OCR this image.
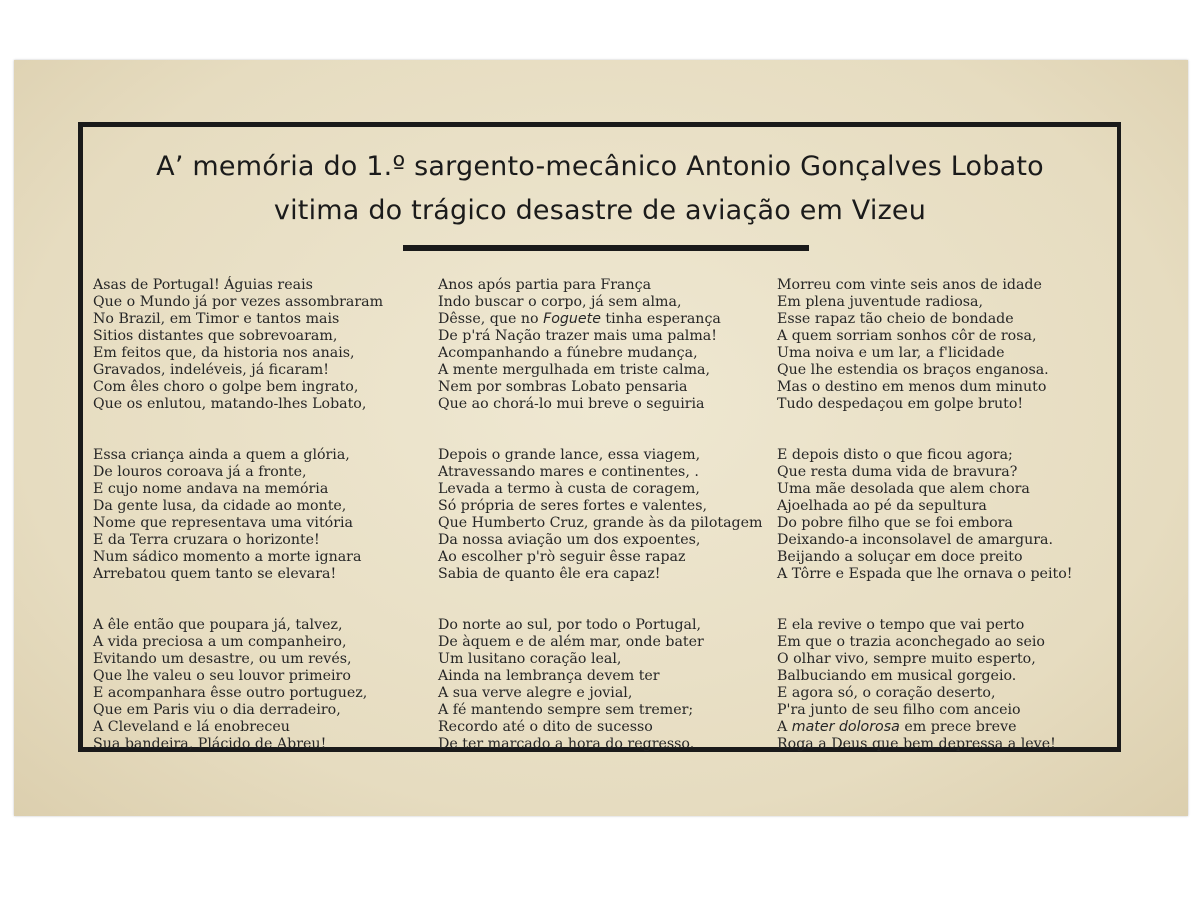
A’ memória do 1.º sargento-mecânico Antonio Gonçalves Lobato
vitima do trágico desastre de aviação em Vizeu
Asas de Portugal! Águias reais
Que o Mundo já por vezes assombraram
No Brazil, em Timor e tantos mais
Sitios distantes que sobrevoaram,
Em feitos que, da historia nos anais,
Gravados, indeléveis, já ficaram!
Com êles choro o golpe bem ingrato,
Que os enlutou, matando-lhes Lobato,
Essa criança ainda a quem a glória,
De louros coroava já a fronte,
E cujo nome andava na memória
Da gente lusa, da cidade ao monte,
Nome que representava uma vitória
E da Terra cruzara o horizonte!
Num sádico momento a morte ignara
Arrebatou quem tanto se elevara!
A êle então que poupara já, talvez,
A vida preciosa a um companheiro,
Evitando um desastre, ou um revés,
Que lhe valeu o seu louvor primeiro
E acompanhara êsse outro portuguez,
Que em Paris viu o dia derradeiro,
A Cleveland e lá enobreceu
Sua bandeira, Plácido de Abreu!
Anos após partia para França
Indo buscar o corpo, já sem alma,
Dêsse, que no Foguete tinha esperança
De p'rá Nação trazer mais uma palma!
Acompanhando a fúnebre mudança,
A mente mergulhada em triste calma,
Nem por sombras Lobato pensaria
Que ao chorá-lo mui breve o seguiria
Depois o grande lance, essa viagem,
Atravessando mares e continentes, .
Levada a termo à custa de coragem,
Só própria de seres fortes e valentes,
Que Humberto Cruz, grande às da pilotagem
Da nossa aviação um dos expoentes,
Ao escolher p'rò seguir êsse rapaz
Sabia de quanto êle era capaz!
Do norte ao sul, por todo o Portugal,
De àquem e de além mar, onde bater
Um lusitano coração leal,
Ainda na lembrança devem ter
A sua verve alegre e jovial,
A fé mantendo sempre sem tremer;
Recordo até o dito de sucesso
De ter marcado a hora do regresso.
Morreu com vinte seis anos de idade
Em plena juventude radiosa,
Esse rapaz tão cheio de bondade
A quem sorriam sonhos côr de rosa,
Uma noiva e um lar, a f'licidade
Que lhe estendia os braços enganosa.
Mas o destino em menos dum minuto
Tudo despedaçou em golpe bruto!
E depois disto o que ficou agora;
Que resta duma vida de bravura?
Uma mãe desolada que alem chora
Ajoelhada ao pé da sepultura
Do pobre filho que se foi embora
Deixando-a inconsolavel de amargura.
Beijando a soluçar em doce preito
A Tôrre e Espada que lhe ornava o peito!
E ela revive o tempo que vai perto
Em que o trazia aconchegado ao seio
O olhar vivo, sempre muito esperto,
Balbuciando em musical gorgeio.
E agora só, o coração deserto,
P'ra junto de seu filho com anceio
A mater dolorosa em prece breve
Roga a Deus que bem depressa a leve!
